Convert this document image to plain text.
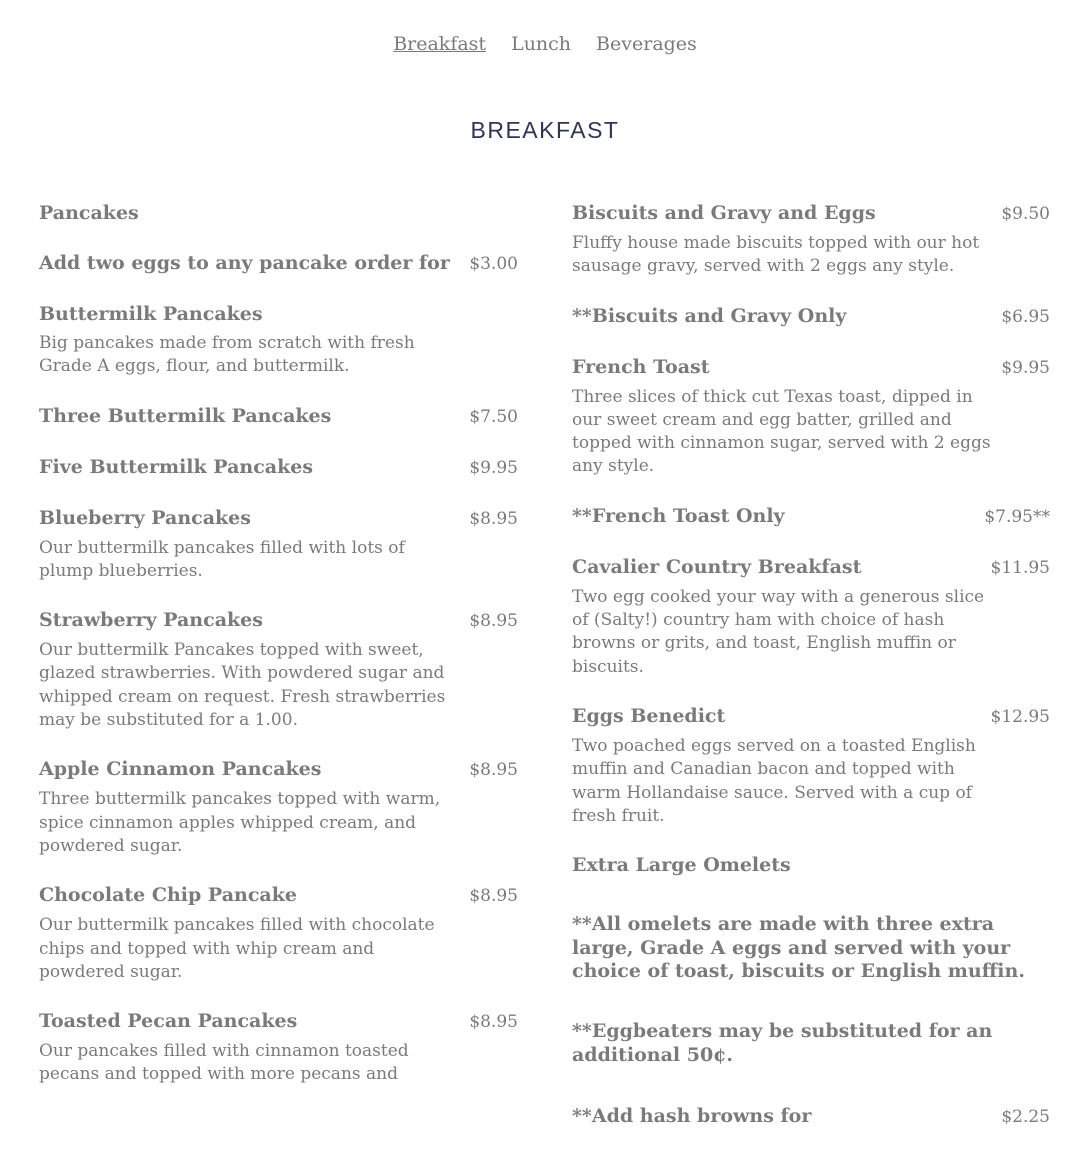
Breakfast Lunch Beverages
BREAKFAST
Pancakes
Add two eggs to any pancake order for	$3.00
Buttermilk Pancakes
Big pancakes made from scratch with fresh Grade A eggs, flour, and buttermilk.
Three Buttermilk Pancakes	$7.50
Five Buttermilk Pancakes	$9.95
Blueberry Pancakes	$8.95
Our buttermilk pancakes filled with lots of plump blueberries.
Strawberry Pancakes	$8.95
Our buttermilk Pancakes topped with sweet, glazed strawberries. With powdered sugar and whipped cream on request. Fresh strawberries may be substituted for a 1.00.
Apple Cinnamon Pancakes	$8.95
Three buttermilk pancakes topped with warm, spice cinnamon apples whipped cream, and powdered sugar.
Chocolate Chip Pancake	$8.95
Our buttermilk pancakes filled with chocolate chips and topped with whip cream and powdered sugar.
Toasted Pecan Pancakes	$8.95
Our pancakes filled with cinnamon toasted pecans and topped with more pecans and
Biscuits and Gravy and Eggs	$9.50
Fluffy house made biscuits topped with our hot sausage gravy, served with 2 eggs any style.
**Biscuits and Gravy Only	$6.95
French Toast	$9.95
Three slices of thick cut Texas toast, dipped in our sweet cream and egg batter, grilled and topped with cinnamon sugar, served with 2 eggs any style.
**French Toast Only	$7.95**
Cavalier Country Breakfast	$11.95
Two egg cooked your way with a generous slice of (Salty!) country ham with choice of hash browns or grits, and toast, English muffin or biscuits.
Eggs Benedict	$12.95
Two poached eggs served on a toasted English muffin and Canadian bacon and topped with warm Hollandaise sauce. Served with a cup of fresh fruit.
Extra Large Omelets
**All omelets are made with three extra large, Grade A eggs and served with your choice of toast, biscuits or English muffin.
**Eggbeaters may be substituted for an additional 50¢.
**Add hash browns for	$2.25
